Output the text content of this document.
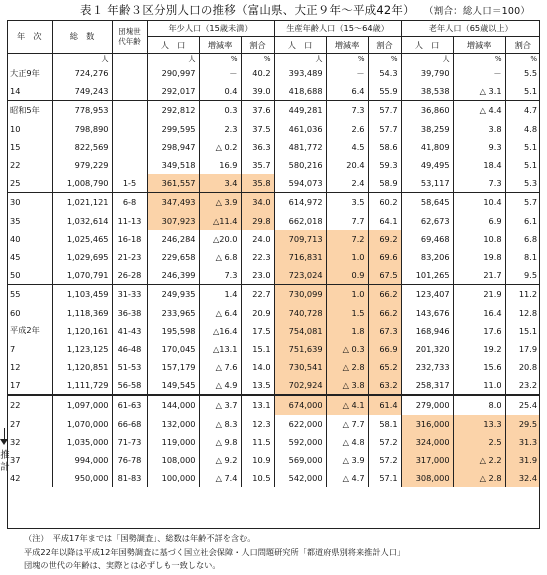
表１ 年齢３区分別人口の推移（富山県、大正９年～平成42年） （割合：総人口＝100）
年　次	総　数	団塊世代年齢	年少人口（15歳未満）			生産年齢人口（15～64歳）			老年人口（65歳以上）		
			人　口	増減率	割合	人　口	増減率	割合	人　口	増減率	割合
	人		人	%	%	人	%	%	人	%	%
大正9年	724,276		290,997	－	40.2	393,489	－	54.3	39,790	－	5.5
14	749,243		292,017	0.4	39.0	418,688	6.4	55.9	38,538	△ 3.1	5.1
昭和5年	778,953		292,812	0.3	37.6	449,281	7.3	57.7	36,860	△ 4.4	4.7
10	798,890		299,595	2.3	37.5	461,036	2.6	57.7	38,259	3.8	4.8
15	822,569		298,947	△ 0.2	36.3	481,772	4.5	58.6	41,809	9.3	5.1
22	979,229		349,518	16.9	35.7	580,216	20.4	59.3	49,495	18.4	5.1
25	1,008,790	1-5	361,557	3.4	35.8	594,073	2.4	58.9	53,117	7.3	5.3
30	1,021,121	6-8	347,493	△ 3.9	34.0	614,972	3.5	60.2	58,645	10.4	5.7
35	1,032,614	11-13	307,923	△11.4	29.8	662,018	7.7	64.1	62,673	6.9	6.1
40	1,025,465	16-18	246,284	△20.0	24.0	709,713	7.2	69.2	69,468	10.8	6.8
45	1,029,695	21-23	229,658	△ 6.8	22.3	716,831	1.0	69.6	83,206	19.8	8.1
50	1,070,791	26-28	246,399	7.3	23.0	723,024	0.9	67.5	101,265	21.7	9.5
55	1,103,459	31-33	249,935	1.4	22.7	730,099	1.0	66.2	123,407	21.9	11.2
60	1,118,369	36-38	233,965	△ 6.4	20.9	740,728	1.5	66.2	143,676	16.4	12.8
平成2年	1,120,161	41-43	195,598	△16.4	17.5	754,081	1.8	67.3	168,946	17.6	15.1
7	1,123,125	46-48	170,045	△13.1	15.1	751,639	△ 0.3	66.9	201,320	19.2	17.9
12	1,120,851	51-53	157,179	△ 7.6	14.0	730,541	△ 2.8	65.2	232,733	15.6	20.8
17	1,111,729	56-58	149,545	△ 4.9	13.5	702,924	△ 3.8	63.2	258,317	11.0	23.2
22	1,097,000	61-63	144,000	△ 3.7	13.1	674,000	△ 4.1	61.4	279,000	8.0	25.4
27	1,070,000	66-68	132,000	△ 8.3	12.3	622,000	△ 7.7	58.1	316,000	13.3	29.5
32	1,035,000	71-73	119,000	△ 9.8	11.5	592,000	△ 4.8	57.2	324,000	2.5	31.3
37	994,000	76-78	108,000	△ 9.2	10.9	569,000	△ 3.9	57.2	317,000	△ 2.2	31.9
42	950,000	81-83	100,000	△ 7.4	10.5	542,000	△ 4.7	57.1	308,000	△ 2.8	32.4
推
計
（注）　平成17年までは「国勢調査」、総数は年齢不詳を含む。
平成22年以降は平成12年国勢調査に基づく国立社会保障・人口問題研究所「都道府県別将来推計人口」
団塊の世代の年齢は、実際とは必ずしも一致しない。
